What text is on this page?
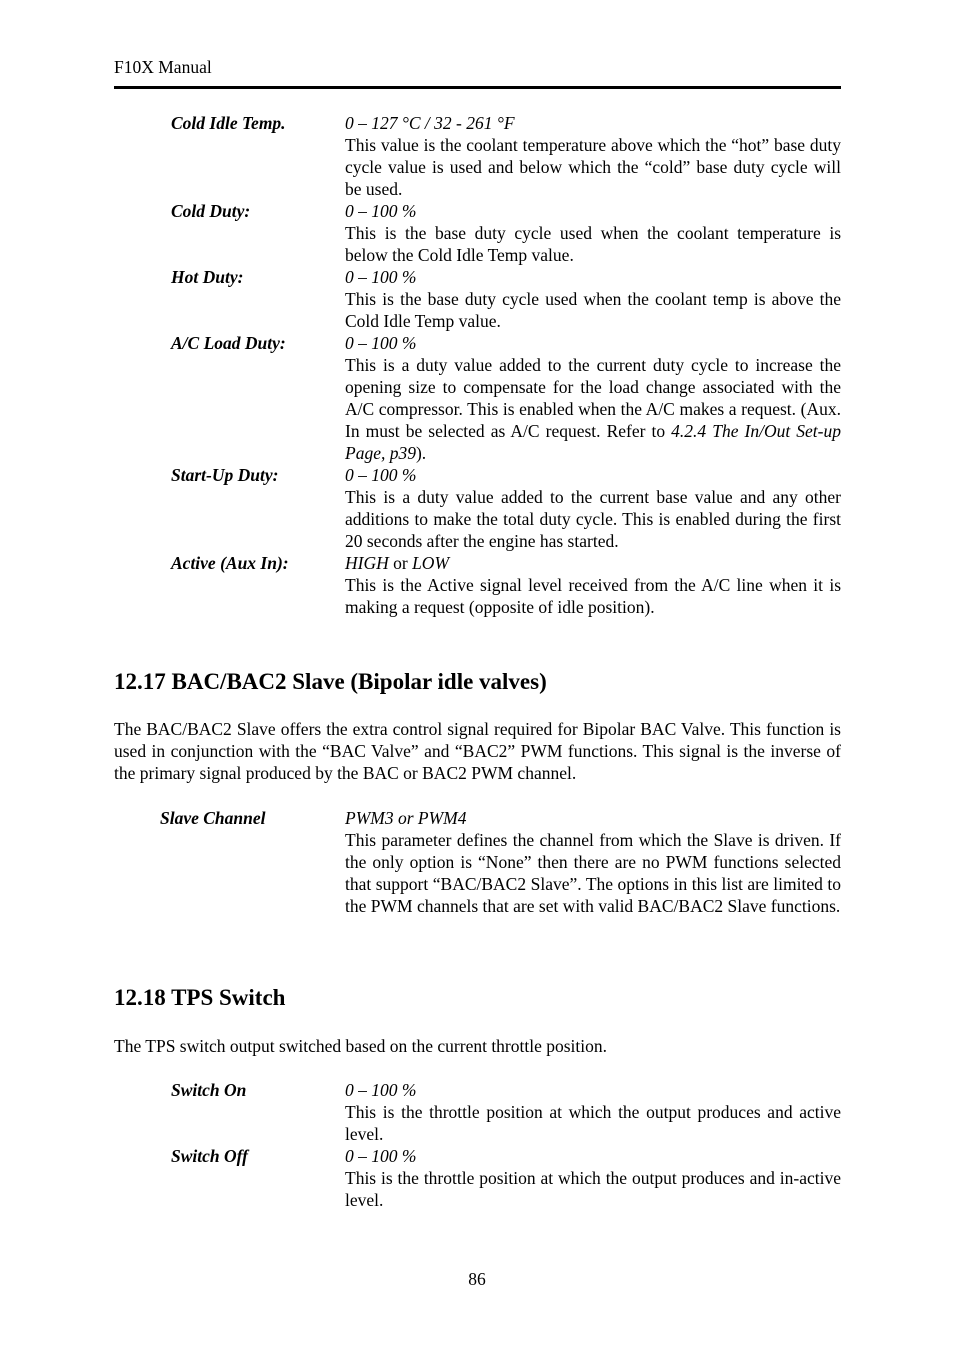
F10X Manual
Cold Idle Temp.	0 – 127 °C / 32 - 261 °F
This value is the coolant temperature above which the “hot” base duty cycle value is used and below which the “cold” base duty cycle will be used.
Cold Duty:	0 – 100 %
This is the base duty cycle used when the coolant temperature is below the Cold Idle Temp value.
Hot Duty:	0 – 100 %
This is the base duty cycle used when the coolant temp is above the Cold Idle Temp value.
A/C Load Duty:	0 – 100 %
This is a duty value added to the current duty cycle to increase the opening size to compensate for the load change associated with the A/C compressor. This is enabled when the A/C makes a request. (Aux. In must be selected as A/C request. Refer to 4.2.4 The In/Out Set-up Page, p39).
Start-Up Duty:	0 – 100 %
This is a duty value added to the current base value and any other additions to make the total duty cycle. This is enabled during the first 20 seconds after the engine has started.
Active (Aux In):	HIGH or LOW
This is the Active signal level received from the A/C line when it is making a request (opposite of idle position).
12.17 BAC/BAC2 Slave (Bipolar idle valves)
The BAC/BAC2 Slave offers the extra control signal required for Bipolar BAC Valve. This function is used in conjunction with the “BAC Valve” and “BAC2” PWM functions. This signal is the inverse of the primary signal produced by the BAC or BAC2 PWM channel.
Slave Channel	PWM3 or PWM4
This parameter defines the channel from which the Slave is driven. If the only option is “None” then there are no PWM functions selected that support “BAC/BAC2 Slave”. The options in this list are limited to the PWM channels that are set with valid BAC/BAC2 Slave functions.
12.18 TPS Switch
The TPS switch output switched based on the current throttle position.
Switch On	0 – 100 %
This is the throttle position at which the output produces and active level.
Switch Off	0 – 100 %
This is the throttle position at which the output produces and in-active level.
86
